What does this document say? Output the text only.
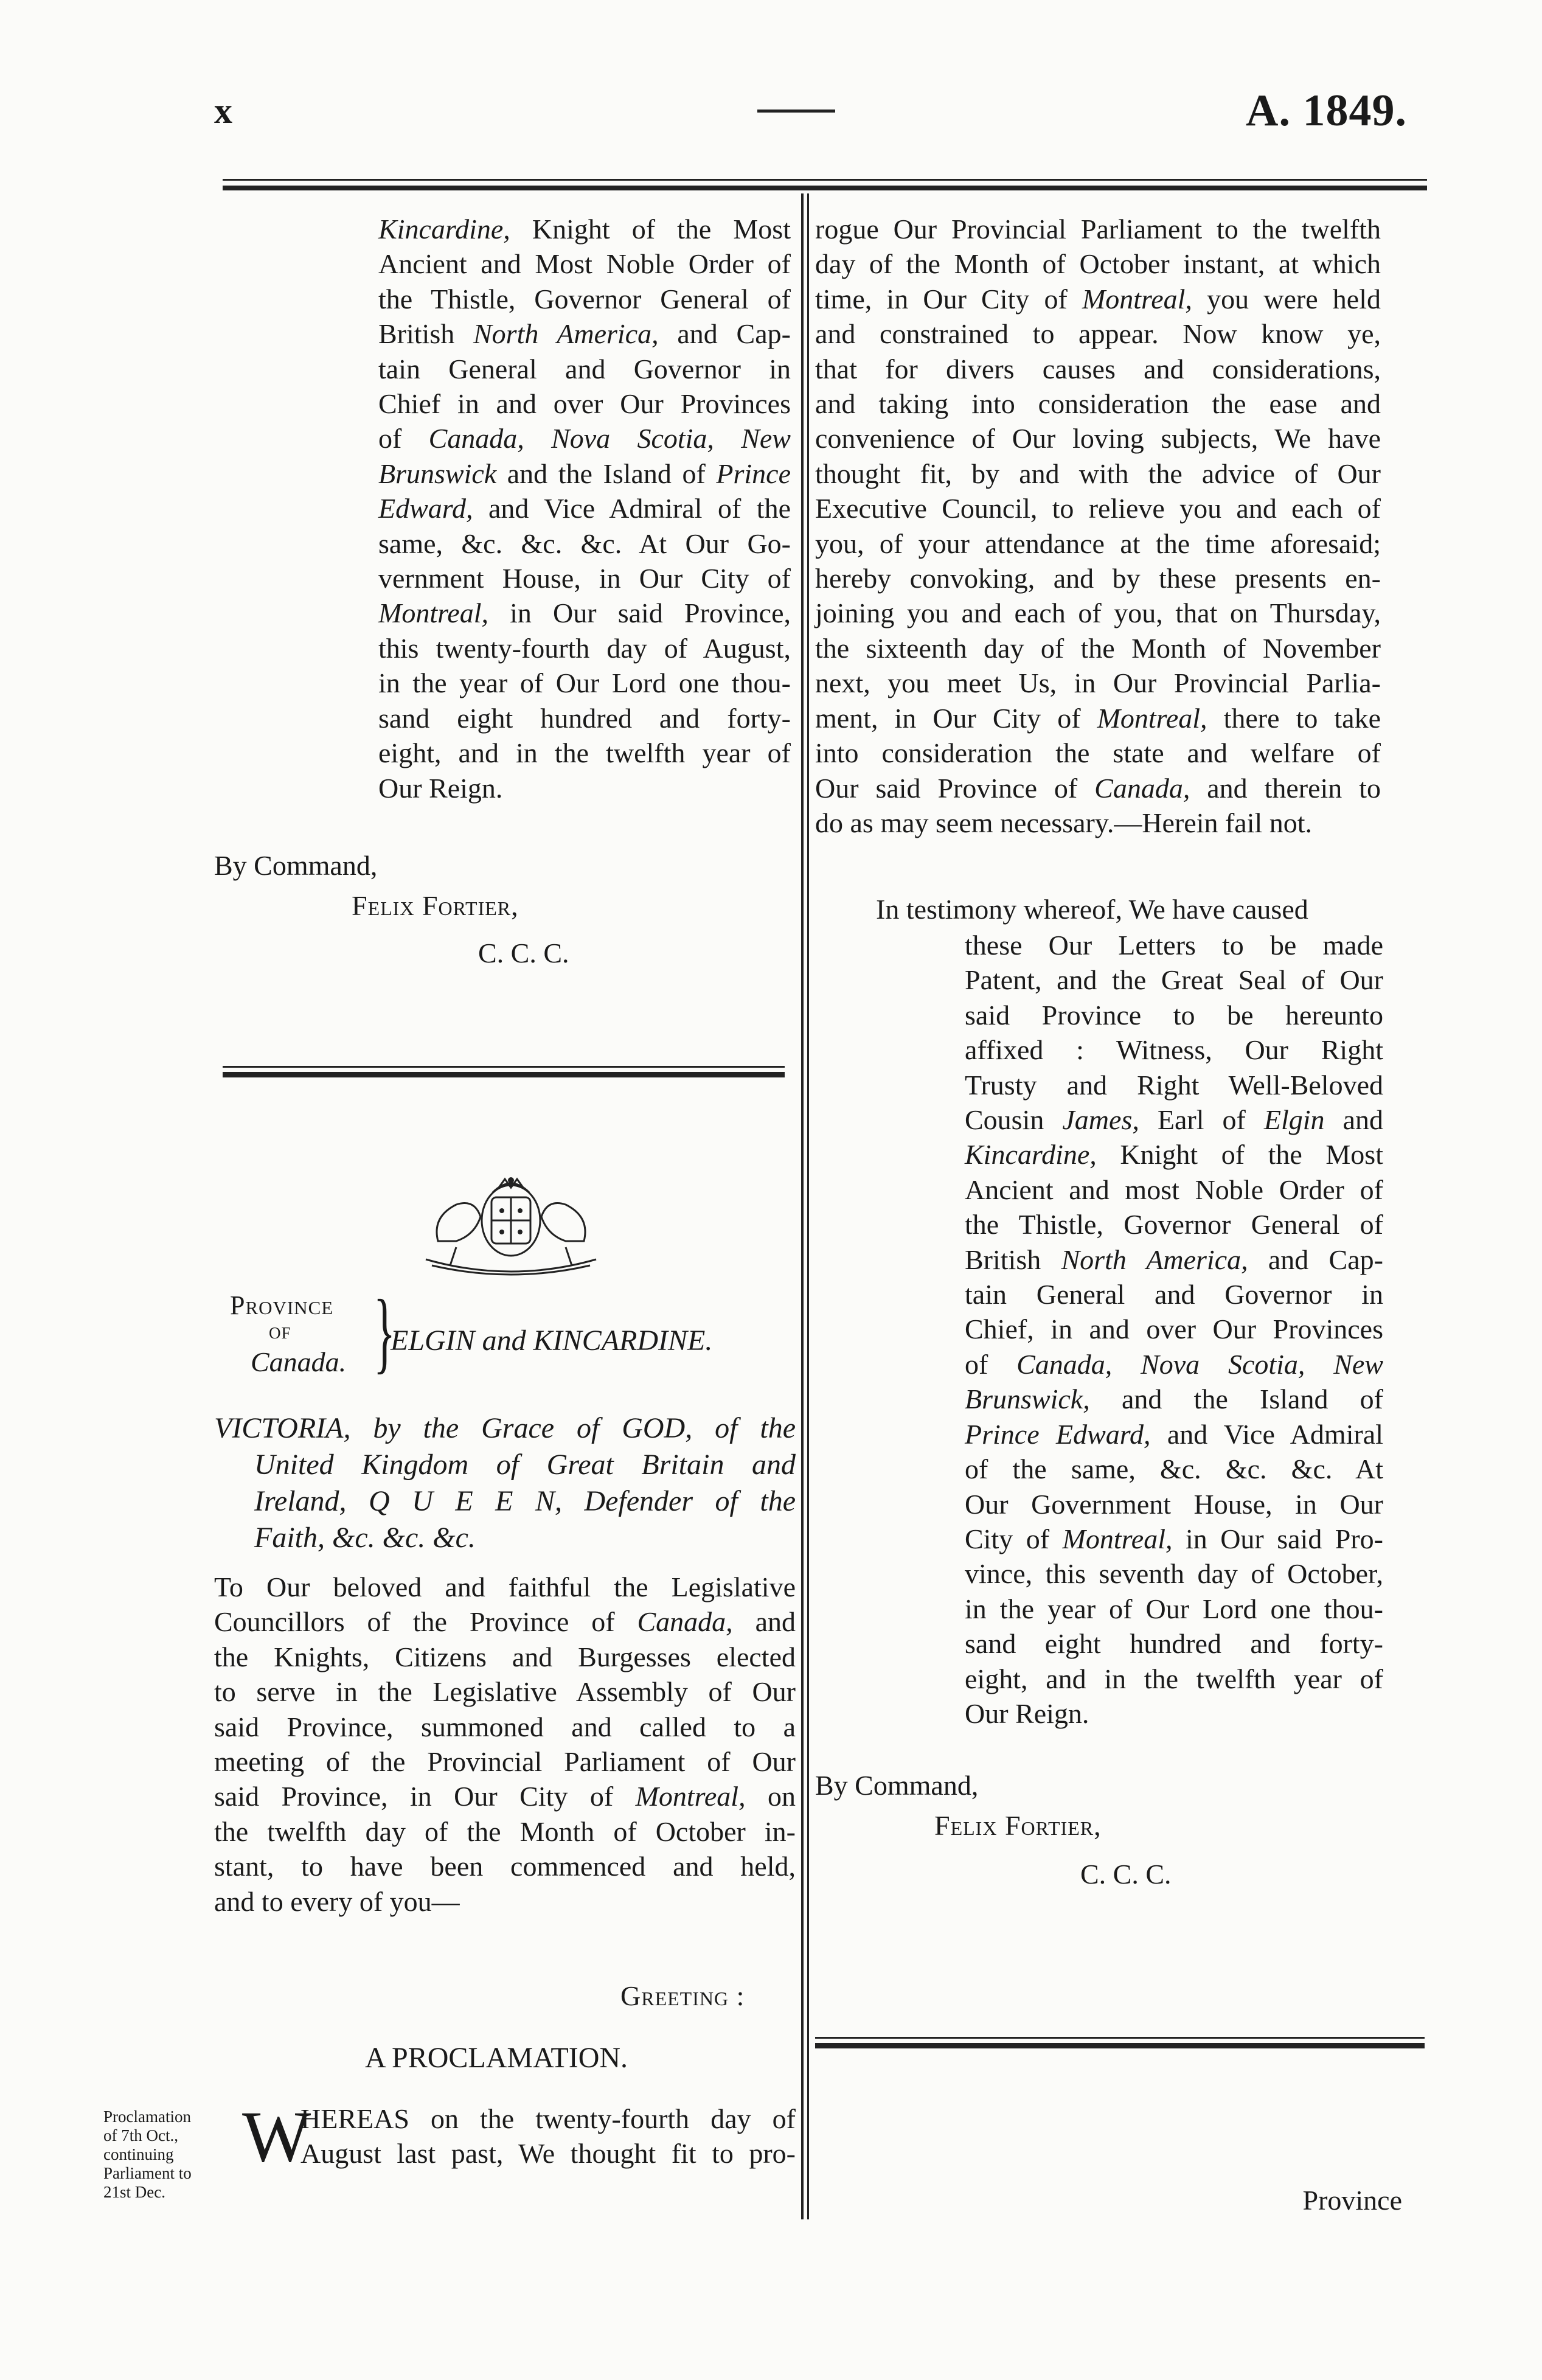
x	A. 1849.
Kincardine, Knight of the Most
Ancient and Most Noble Order of
the Thistle, Governor General of
British North America, and Cap-
tain General and Governor in
Chief in and over Our Provinces
of Canada, Nova Scotia, New
Brunswick and the Island of Prince
Edward, and Vice Admiral of the
same, &c. &c. &c. At Our Go-
vernment House, in Our City of
Montreal, in Our said Province,
this twenty-fourth day of August,
in the year of Our Lord one thou-
sand eight hundred and forty-
eight, and in the twelfth year of
Our Reign.
By Command,
Felix Fortier,
C. C. C.
Province
of
Canada. }
ELGIN and KINCARDINE.
VICTORIA, by the Grace of GOD, of the
United Kingdom of Great Britain and
Ireland, Q U E E N, Defender of the
Faith, &c. &c. &c.
To Our beloved and faithful the Legislative
Councillors of the Province of Canada, and
the Knights, Citizens and Burgesses elected
to serve in the Legislative Assembly of Our
said Province, summoned and called to a
meeting of the Provincial Parliament of Our
said Province, in Our City of Montreal, on
the twelfth day of the Month of October in-
stant, to have been commenced and held,
and to every of you—
Greeting :
A PROCLAMATION.
W
HEREAS on the twenty-fourth day of
August last past, We thought fit to pro-
Proclamation
of 7th Oct.,
continuing
Parliament to
21st Dec.
rogue Our Provincial Parliament to the twelfth
day of the Month of October instant, at which
time, in Our City of Montreal, you were held
and constrained to appear. Now know ye,
that for divers causes and considerations,
and taking into consideration the ease and
convenience of Our loving subjects, We have
thought fit, by and with the advice of Our
Executive Council, to relieve you and each of
you, of your attendance at the time aforesaid;
hereby convoking, and by these presents en-
joining you and each of you, that on Thursday,
the sixteenth day of the Month of November
next, you meet Us, in Our Provincial Parlia-
ment, in Our City of Montreal, there to take
into consideration the state and welfare of
Our said Province of Canada, and therein to
do as may seem necessary.—Herein fail not.
In testimony whereof, We have caused
these Our Letters to be made
Patent, and the Great Seal of Our
said Province to be hereunto
affixed : Witness, Our Right
Trusty and Right Well-Beloved
Cousin James, Earl of Elgin and
Kincardine, Knight of the Most
Ancient and most Noble Order of
the Thistle, Governor General of
British North America, and Cap-
tain General and Governor in
Chief, in and over Our Provinces
of Canada, Nova Scotia, New
Brunswick, and the Island of
Prince Edward, and Vice Admiral
of the same, &c. &c. &c. At
Our Government House, in Our
City of Montreal, in Our said Pro-
vince, this seventh day of October,
in the year of Our Lord one thou-
sand eight hundred and forty-
eight, and in the twelfth year of
Our Reign.
By Command,
Felix Fortier,
C. C. C.
Province
